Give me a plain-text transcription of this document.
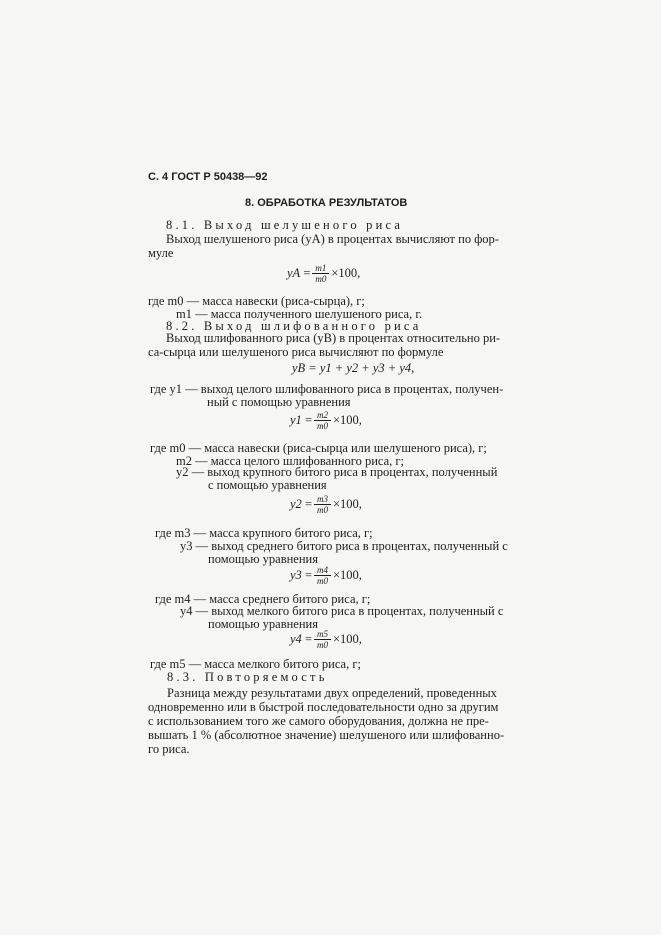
С. 4 ГОСТ Р 50438—92
8. ОБРАБОТКА РЕЗУЛЬТАТОВ
8.1. Выход шелушеного риса
Выход шелушеного риса (уА) в процентах вычисляют по фор-
муле
уА = $\frac{m1}{m0} \times 100$,
где m0 — масса навески (риса-сырца), г;
m1 — масса полученного шелушеного риса, г.
8.2. Выход шлифованного риса
Выход шлифованного риса (уВ) в процентах относительно ри-
са-сырца или шелушеного риса вычисляют по формуле
уВ = у1 + у2 + у3 + у4,
где у1 — выход целого шлифованного риса в процентах, получен-
ный с помощью уравнения
$у1 = \frac{m2}{m0} \times 100$,
где m0 — масса навески (риса-сырца или шелушеного риса), г;
m2 — масса целого шлифованного риса, г;
у2 — выход крупного битого риса в процентах, полученный
с помощью уравнения
$у2 = \frac{m3}{m0} \times 100$,
где m3 — масса крупного битого риса, г;
у3 — выход среднего битого риса в процентах, полученный с
помощью уравнения
$у3 = \frac{m4}{m0} \times 100$,
где m4 — масса среднего битого риса, г;
у4 — выход мелкого битого риса в процентах, полученный с
помощью уравнения
$у4 = \frac{m5}{m0} \times 100$,
где m5 — масса мелкого битого риса, г;
8.3. Повторяемость
Разница между результатами двух определений, проведенных
одновременно или в быстрой последовательности одно за другим
с использованием того же самого оборудования, должна не пре-
вышать 1 % (абсолютное значение) шелушеного или шлифованно-
го риса.
